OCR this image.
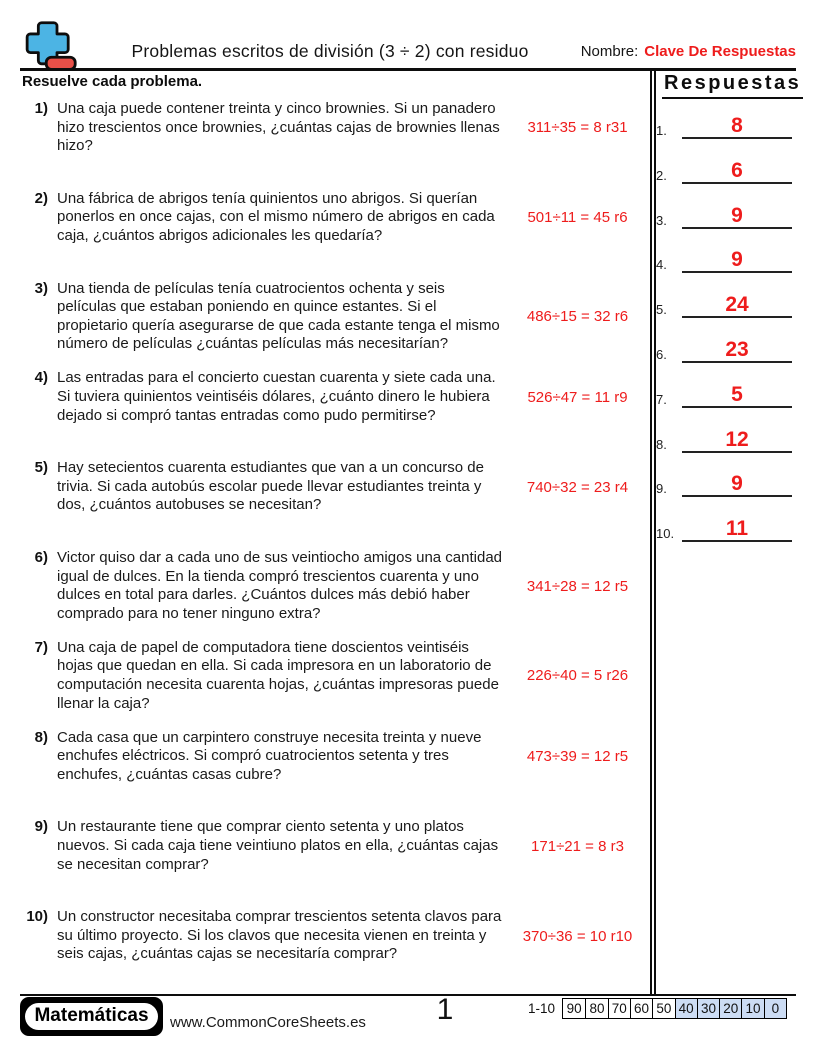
Problemas escritos de división (3 ÷ 2) con residuo	Nombre: Clave De Respuestas
Resuelve cada problema.
1) Una caja puede contener treinta y cinco brownies. Si un panadero hizo trescientos once brownies, ¿cuántas cajas de brownies llenas hizo?
311÷35 = 8 r31
2) Una fábrica de abrigos tenía quinientos uno abrigos. Si querían ponerlos en once cajas, con el mismo número de abrigos en cada caja, ¿cuántos abrigos adicionales les quedaría?
501÷11 = 45 r6
3) Una tienda de películas tenía cuatrocientos ochenta y seis películas que estaban poniendo en quince estantes. Si el propietario quería asegurarse de que cada estante tenga el mismo número de películas ¿cuántas películas más necesitarían?
486÷15 = 32 r6
4) Las entradas para el concierto cuestan cuarenta y siete cada una. Si tuviera quinientos veintiséis dólares, ¿cuánto dinero le hubiera dejado si compró tantas entradas como pudo permitirse?
526÷47 = 11 r9
5) Hay setecientos cuarenta estudiantes que van a un concurso de trivia. Si cada autobús escolar puede llevar estudiantes treinta y dos, ¿cuántos autobuses se necesitan?
740÷32 = 23 r4
6) Victor quiso dar a cada uno de sus veintiocho amigos una cantidad igual de dulces. En la tienda compró trescientos cuarenta y uno dulces en total para darles. ¿Cuántos dulces más debió haber comprado para no tener ninguno extra?
341÷28 = 12 r5
7) Una caja de papel de computadora tiene doscientos veintiséis hojas que quedan en ella. Si cada impresora en un laboratorio de computación necesita cuarenta hojas, ¿cuántas impresoras puede llenar la caja?
226÷40 = 5 r26
8) Cada casa que un carpintero construye necesita treinta y nueve enchufes eléctricos. Si compró cuatrocientos setenta y tres enchufes, ¿cuántas casas cubre?
473÷39 = 12 r5
9) Un restaurante tiene que comprar ciento setenta y uno platos nuevos. Si cada caja tiene veintiuno platos en ella, ¿cuántas cajas se necesitan comprar?
171÷21 = 8 r3
10) Un constructor necesitaba comprar trescientos setenta clavos para su último proyecto. Si los clavos que necesita vienen en treinta y seis cajas, ¿cuántas cajas se necesitaría comprar?
370÷36 = 10 r10
Respuestas
1.	8
2.	6
3.	9
4.	9
5.	24
6.	23
7.	5
8.	12
9.	9
10. 11
Matemáticas	www.CommonCoreSheets.es	1	1-10 90 80 70 60 50 40 30 20 10 0
